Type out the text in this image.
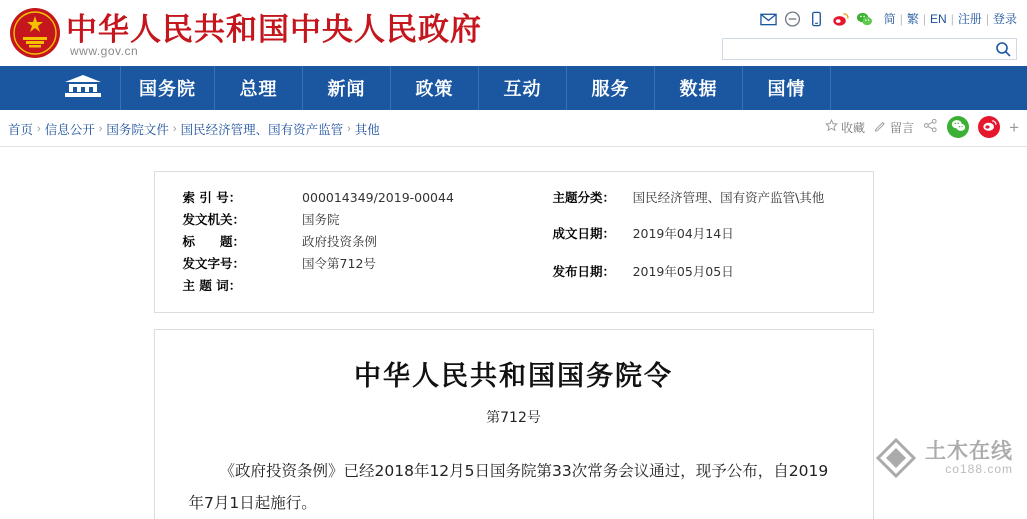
中华人民共和国中央人民政府
www.gov.cn
简 | 繁 | EN | 注册 | 登录
国务院	总理	新闻	政策	互动	服务	数据	国情
首页 › 信息公开 › 国务院文件 › 国民经济管理、国有资产监管 › 其他	收藏 留言	+
索 引 号：	000014349/2019-00044
发文机关：	国务院
标　　题：	政府投资条例
发文字号：	国令第712号
主 题 词：	
主题分类：	国民经济管理、国有资产监管\其他
成文日期：	2019年04月14日

发布日期：	2019年05月05日
中华人民共和国国务院令
第712号
《政府投资条例》已经2018年12月5日国务院第33次常务会议通过，现予公布，自2019年7月1日起施行。
土木在线
co188.com
